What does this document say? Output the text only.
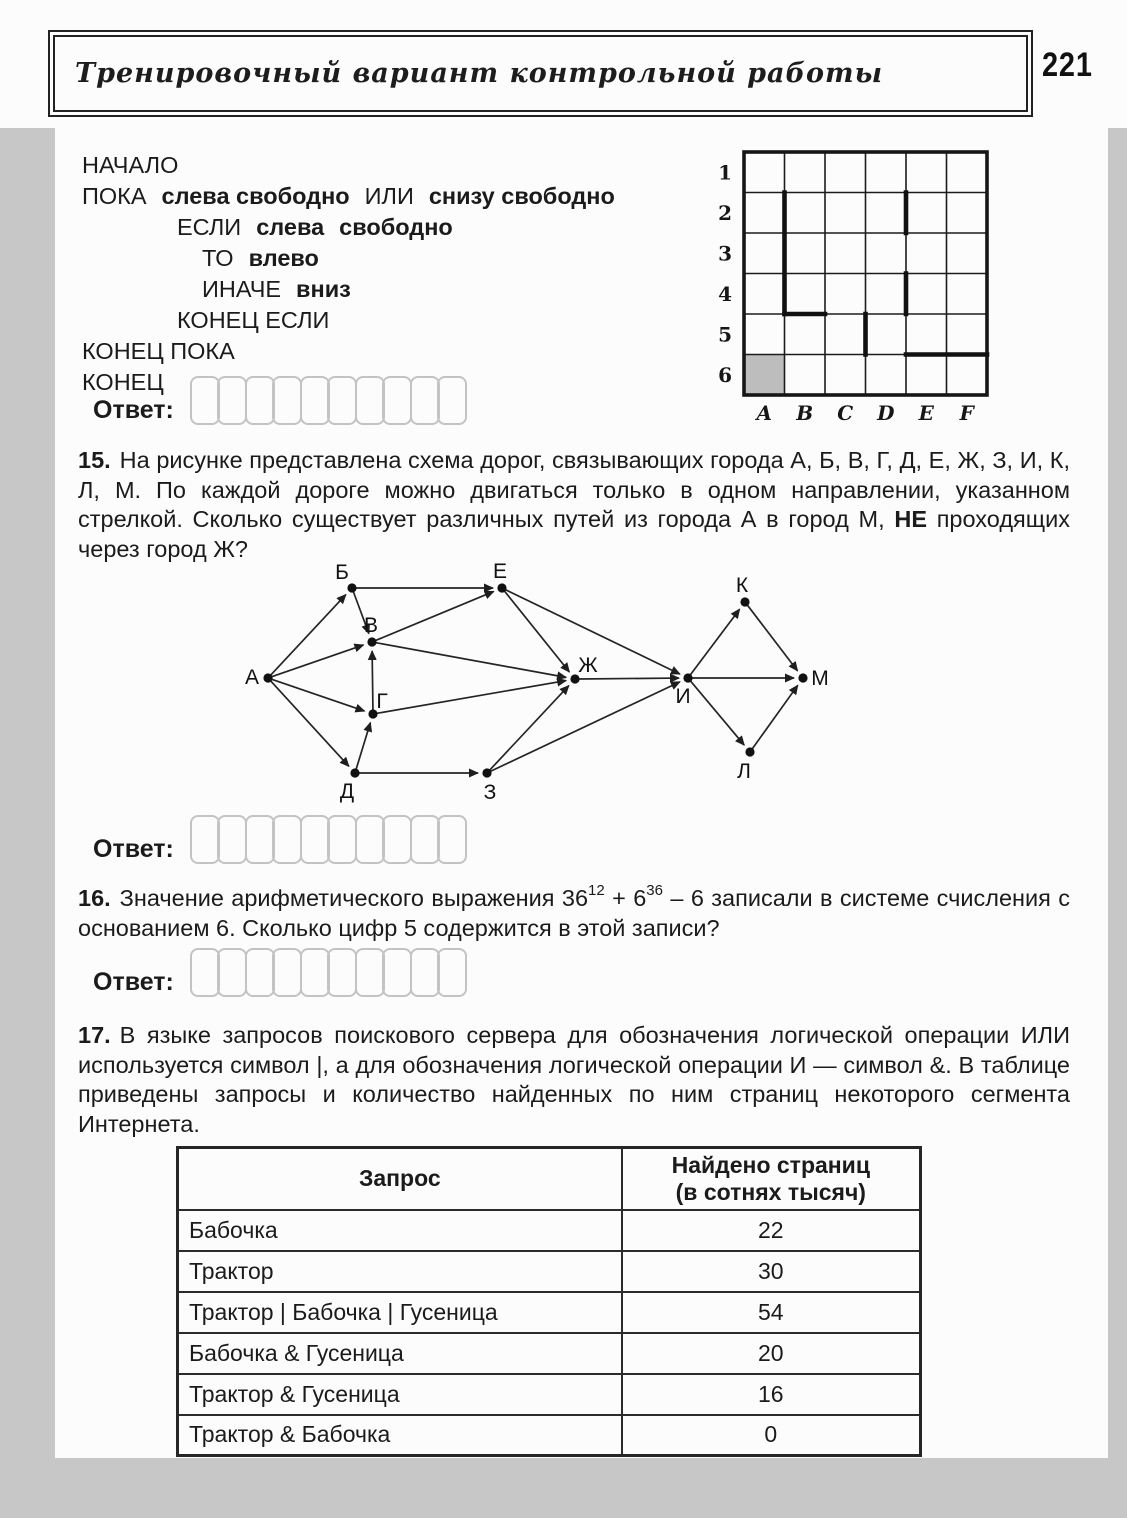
Тренировочный вариант контрольной работы	221
НАЧАЛО
ПОКА слева свободно ИЛИ снизу свободно
ЕСЛИ слева свободно
ТО влево
ИНАЧЕ вниз
КОНЕЦ ЕСЛИ
КОНЕЦ ПОКА
КОНЕЦ
1
2
3
4
5
6
A B C D E F
Ответ:

15. На рисунке представлена схема дорог, связывающих города А, Б, В, Г, Д, Е, Ж, З, И, К, Л, М. По каждой дороге можно двигаться только в одном направлении, указанном стрелкой. Сколько существует различных путей из города А в город М, НЕ проходящих через город Ж?

А
Б
В
Г
Д
Е
Ж
З
И
К
Л
М
Ответ:

16. Значение арифметического выражения $36^{12} + 6^{36} - 6$ записали в системе счисления с основанием 6. Сколько цифр 5 содержится в этой записи?

Ответ:

17. В языке запросов поискового сервера для обозначения логической операции ИЛИ используется символ |, а для обозначения логической операции И — символ &. В таблице приведены запросы и количество найденных по ним страниц некоторого сегмента Интернета.

Запрос	Найдено страниц
(в сотнях тысяч)

Бабочка	22
Трактор	30
Трактор | Бабочка | Гусеница	54
Бабочка & Гусеница	20
Трактор & Гусеница	16
Трактор & Бабочка	0
